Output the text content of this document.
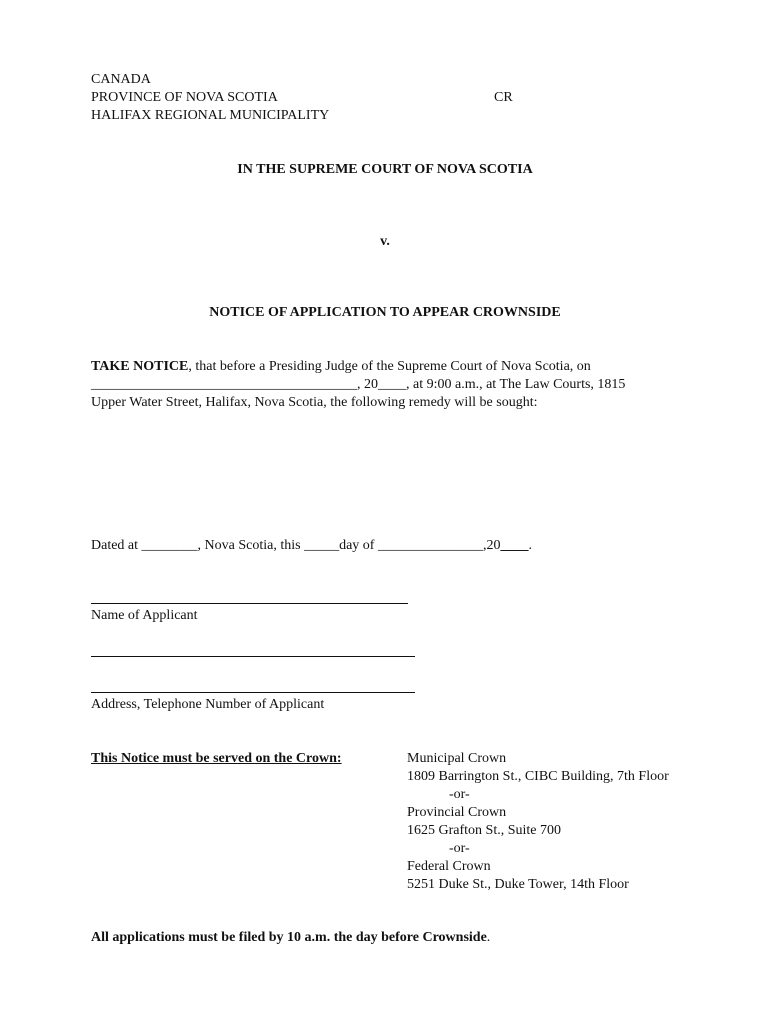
CANADA
PROVINCE OF NOVA SCOTIA
HALIFAX REGIONAL MUNICIPALITY
CR
IN THE SUPREME COURT OF NOVA SCOTIA
v.
NOTICE OF APPLICATION TO APPEAR CROWNSIDE
TAKE NOTICE, that before a Presiding Judge of the Supreme Court of Nova Scotia, on
______________________________________, 20____, at 9:00 a.m., at The Law Courts, 1815
Upper Water Street, Halifax, Nova Scotia, the following remedy will be sought:
Dated at ________, Nova Scotia, this _____day of _______________,20____.
Name of Applicant
Address, Telephone Number of Applicant
This Notice must be served on the Crown:	Municipal Crown
1809 Barrington St., CIBC Building, 7th Floor
-or-
Provincial Crown
1625 Grafton St., Suite 700
-or-
Federal Crown
5251 Duke St., Duke Tower, 14th Floor
All applications must be filed by 10 a.m. the day before Crownside.
